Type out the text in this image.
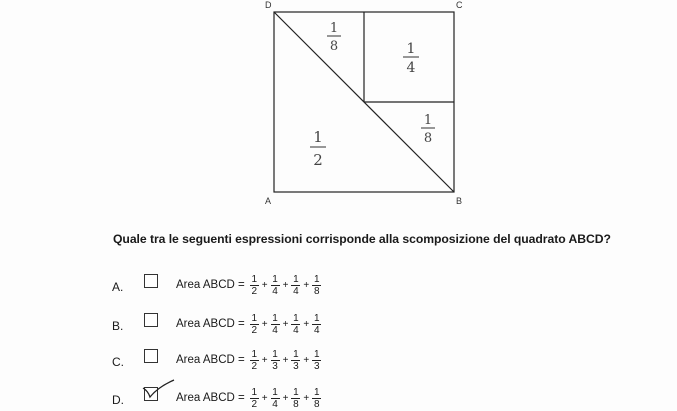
1
8	1
4
1
8
1
2
D	C
A	B
Quale tra le seguenti espressioni corrisponde alla scomposizione del quadrato ABCD?
A.	Area ABCD = $\frac{1}{2} + \frac{1}{4} + \frac{1}{4} + \frac{1}{8}$
B.	Area ABCD = $\frac{1}{2} + \frac{1}{4} + \frac{1}{4} + \frac{1}{4}$
C.	Area ABCD = $\frac{1}{2} + \frac{1}{3} + \frac{1}{3} + \frac{1}{3}$
D.	Area ABCD = $\frac{1}{2} + \frac{1}{4} + \frac{1}{8} + \frac{1}{8}$
